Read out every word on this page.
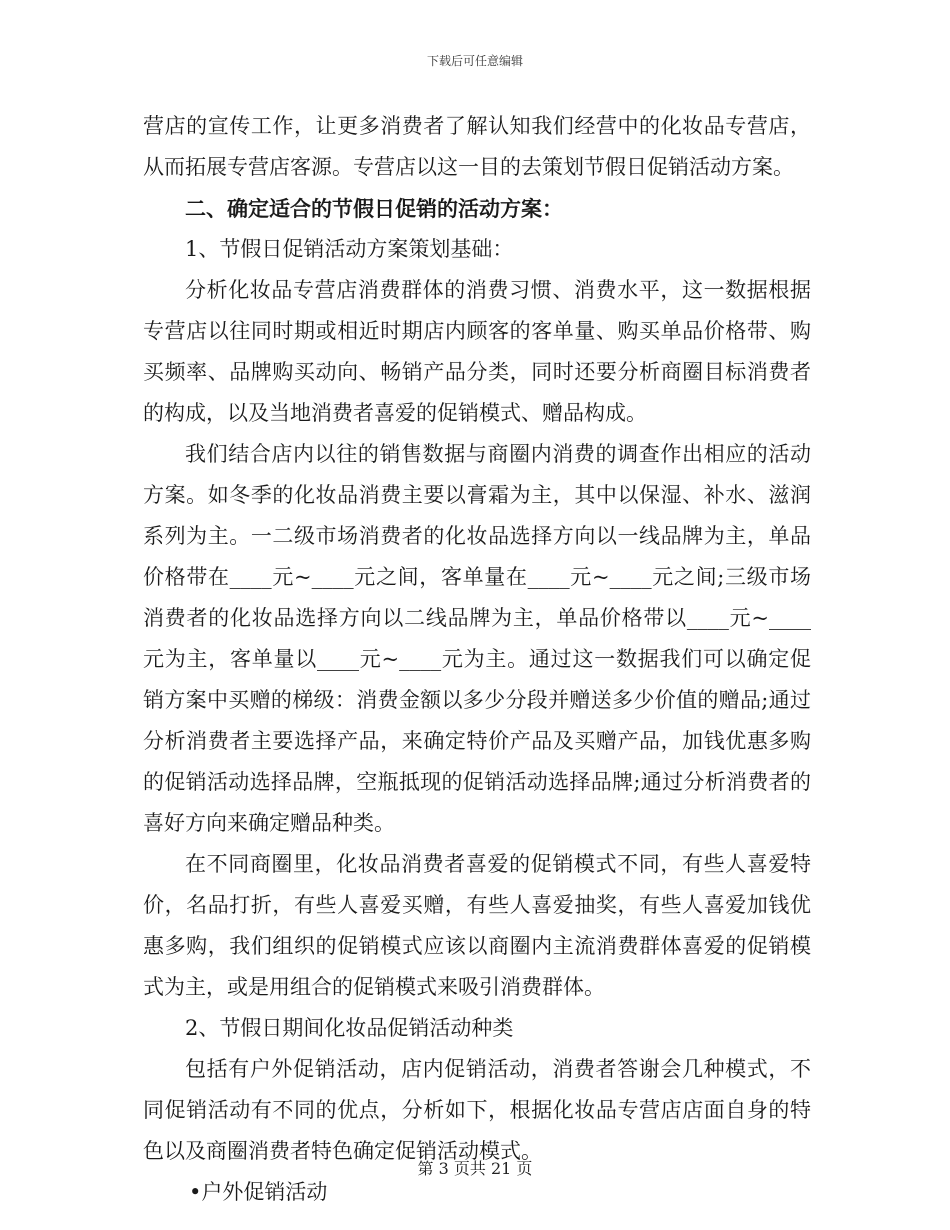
下载后可任意编辑

营店的宣传工作，让更多消费者了解认知我们经营中的化妆品专营店，从而拓展专营店客源。专营店以这一目的去策划节假日促销活动方案。

二、确定适合的节假日促销的活动方案：

1、节假日促销活动方案策划基础：

分析化妆品专营店消费群体的消费习惯、消费水平，这一数据根据专营店以往同时期或相近时期店内顾客的客单量、购买单品价格带、购买频率、品牌购买动向、畅销产品分类，同时还要分析商圈目标消费者的构成，以及当地消费者喜爱的促销模式、赠品构成。

我们结合店内以往的销售数据与商圈内消费的调查作出相应的活动方案。如冬季的化妆品消费主要以膏霜为主，其中以保湿、补水、滋润系列为主。一二级市场消费者的化妆品选择方向以一线品牌为主，单品价格带在____元~____元之间，客单量在____元~____元之间;三级市场消费者的化妆品选择方向以二线品牌为主，单品价格带以____元~____元为主，客单量以____元~____元为主。通过这一数据我们可以确定促销方案中买赠的梯级：消费金额以多少分段并赠送多少价值的赠品;通过分析消费者主要选择产品，来确定特价产品及买赠产品，加钱优惠多购的促销活动选择品牌，空瓶抵现的促销活动选择品牌;通过分析消费者的喜好方向来确定赠品种类。

在不同商圈里，化妆品消费者喜爱的促销模式不同，有些人喜爱特价，名品打折，有些人喜爱买赠，有些人喜爱抽奖，有些人喜爱加钱优惠多购，我们组织的促销模式应该以商圈内主流消费群体喜爱的促销模式为主，或是用组合的促销模式来吸引消费群体。

2、节假日期间化妆品促销活动种类

包括有户外促销活动，店内促销活动，消费者答谢会几种模式，不同促销活动有不同的优点，分析如下，根据化妆品专营店店面自身的特色以及商圈消费者特色确定促销活动模式。

•户外促销活动

第 3 页共 21 页
